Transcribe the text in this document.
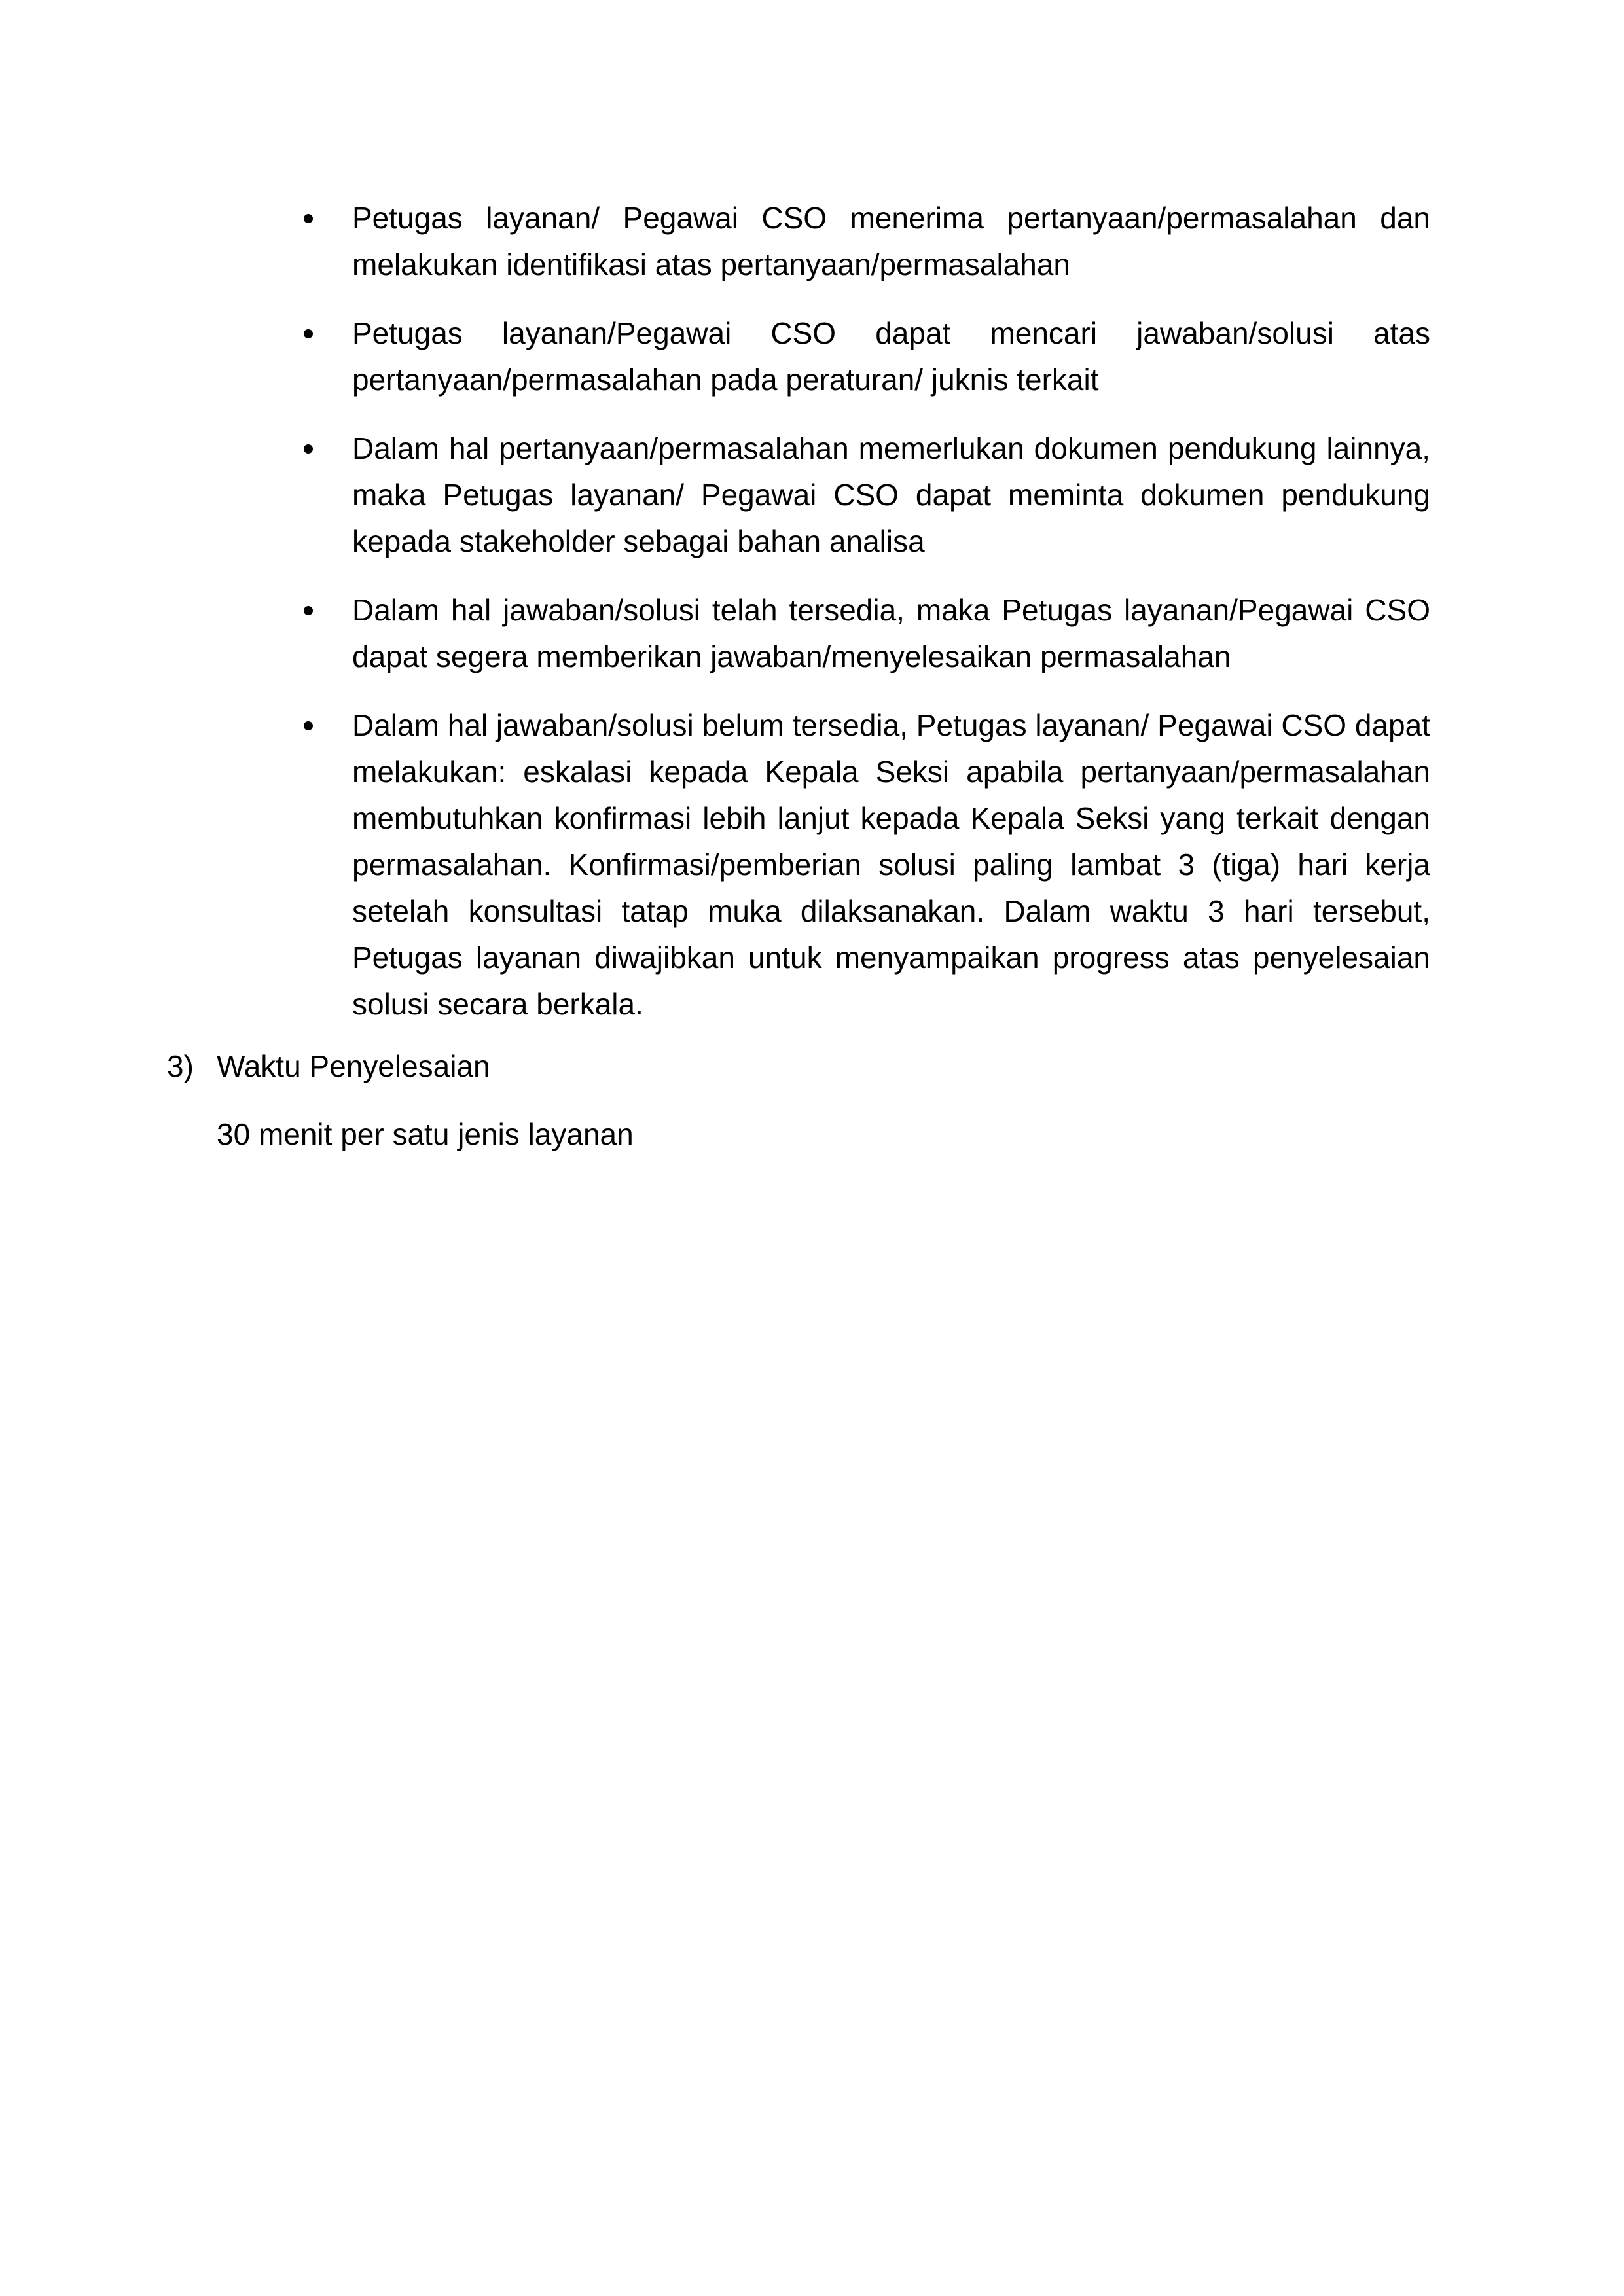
Petugas layanan/ Pegawai CSO menerima pertanyaan/permasalahan dan melakukan identifikasi atas pertanyaan/permasalahan
Petugas layanan/Pegawai CSO dapat mencari jawaban/solusi atas pertanyaan/permasalahan pada peraturan/ juknis terkait
Dalam hal pertanyaan/permasalahan memerlukan dokumen pendukung lainnya, maka Petugas layanan/ Pegawai CSO dapat meminta dokumen pendukung kepada stakeholder sebagai bahan analisa
Dalam hal jawaban/solusi telah tersedia, maka Petugas layanan/Pegawai CSO dapat segera memberikan jawaban/menyelesaikan permasalahan
Dalam hal jawaban/solusi belum tersedia, Petugas layanan/ Pegawai CSO dapat melakukan: eskalasi kepada Kepala Seksi apabila pertanyaan/permasalahan membutuhkan konfirmasi lebih lanjut kepada Kepala Seksi yang terkait dengan permasalahan. Konfirmasi/pemberian solusi paling lambat 3 (tiga) hari kerja setelah konsultasi tatap muka dilaksanakan. Dalam waktu 3 hari tersebut, Petugas layanan diwajibkan untuk menyampaikan progress atas penyelesaian solusi secara berkala.
3) Waktu Penyelesaian
30 menit per satu jenis layanan
